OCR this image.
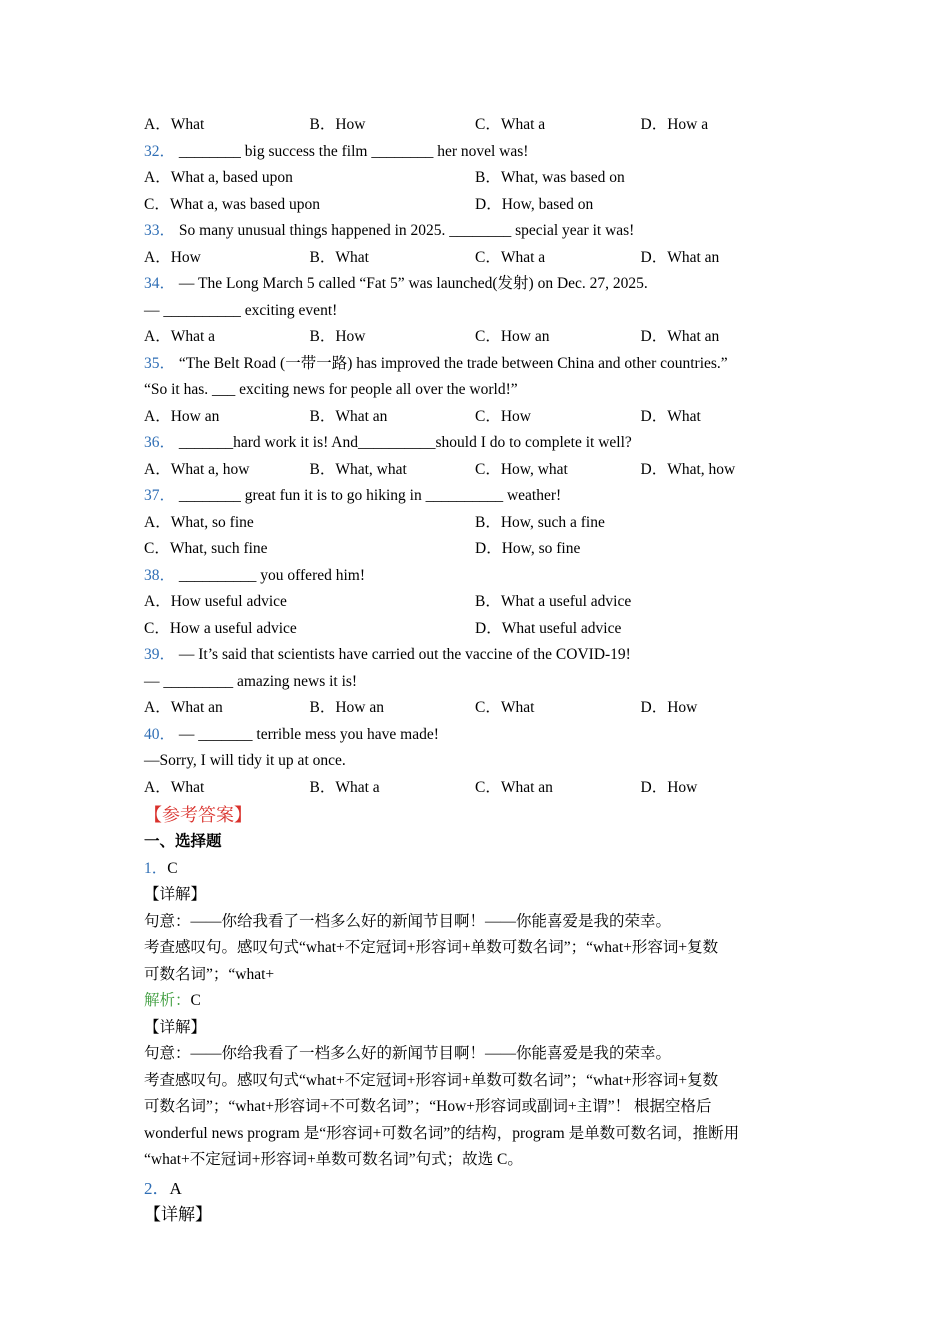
A．What	B．How	C．What a	D．How a
32． ________ big success the film ________ her novel was!
A．What a, based upon	B．What, was based on
C．What a, was based upon	D．How, based on
33． So many unusual things happened in 2025. ________ special year it was!
A．How	B．What	C．What a	D．What an
34． — The Long March 5 called “Fat 5” was launched(发射) on Dec. 27, 2025.
— __________ exciting event!
A．What a	B．How	C．How an	D．What an
35． “The Belt Road (一带一路) has improved the trade between China and other countries.”
“So it has. ___ exciting news for people all over the world!”
A．How an	B．What an	C．How	D．What
36． _______hard work it is! And__________should I do to complete it well?
A．What a, how	B．What, what	C．How, what	D．What, how
37． ________ great fun it is to go hiking in __________ weather!
A．What, so fine	B．How, such a fine
C．What, such fine	D．How, so fine
38． __________ you offered him!
A．How useful advice	B．What a useful advice
C．How a useful advice	D．What useful advice
39． — It’s said that scientists have carried out the vaccine of the COVID-19!
— _________ amazing news it is!
A．What an	B．How an	C．What	D．How
40． — _______ terrible mess you have made!
—Sorry, I will tidy it up at once.
A．What	B．What a	C．What an	D．How
【参考答案】
一、选择题
1．C
【详解】
句意：——你给我看了一档多么好的新闻节目啊！——你能喜爱是我的荣幸。
考查感叹句。感叹句式“what+不定冠词+形容词+单数可数名词”；“what+形容词+复数
可数名词”；“what+
解析：C
【详解】
句意：——你给我看了一档多么好的新闻节目啊！——你能喜爱是我的荣幸。
考查感叹句。感叹句式“what+不定冠词+形容词+单数可数名词”；“what+形容词+复数
可数名词”；“what+形容词+不可数名词”；“How+形容词或副词+主谓”！ 根据空格后
wonderful news program 是“形容词+可数名词”的结构，program 是单数可数名词，推断用
“what+不定冠词+形容词+单数可数名词”句式；故选 C。
2．A
【详解】
